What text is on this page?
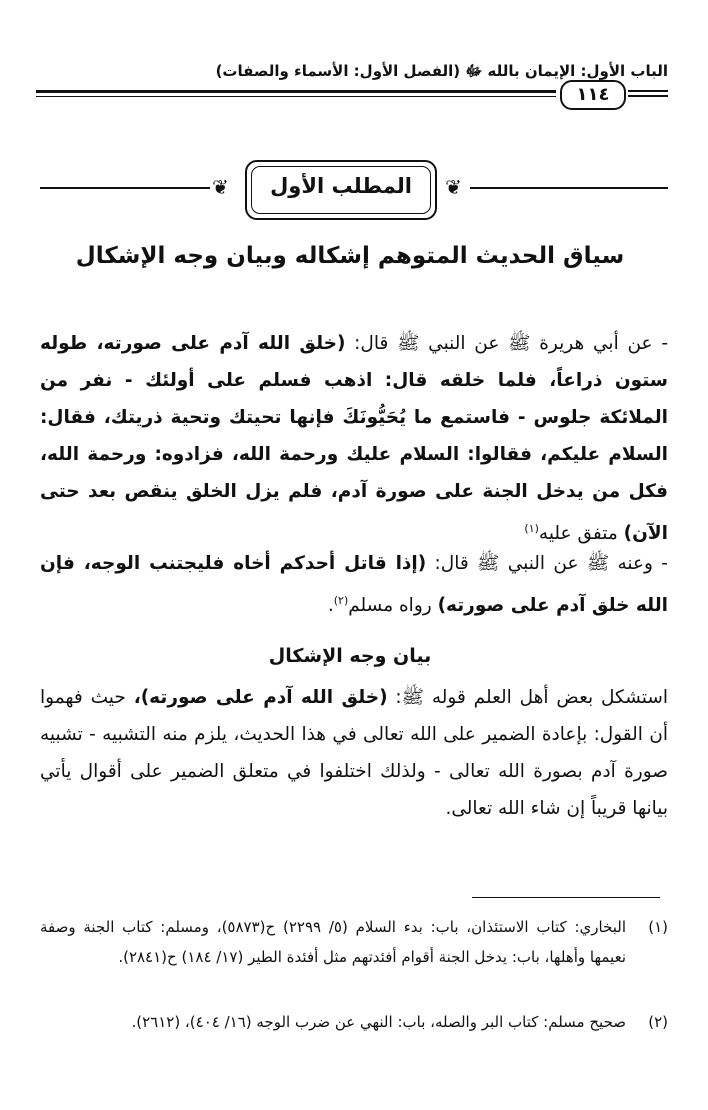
الباب الأول: الإيمان بالله ﷻ (الفصل الأول: الأسماء والصفات)
١١٤
❦	❦
المطلب الأول
سياق الحديث المتوهم إشكاله وبيان وجه الإشكال
- عن أبي هريرة ﷺ عن النبي ﷺ قال: (خلق الله آدم على صورته، طوله ستون ذراعاً، فلما خلقه قال: اذهب فسلم على أولئك - نفر من الملائكة جلوس - فاستمع ما يُحَيُّونَكَ فإنها تحيتك وتحية ذريتك، فقال: السلام عليكم، فقالوا: السلام عليك ورحمة الله، فزادوه: ورحمة الله، فكل من يدخل الجنة على صورة آدم، فلم يزل الخلق ينقص بعد حتى الآن) متفق عليه$^{(١)}$
- وعنه ﷺ عن النبي ﷺ قال: (إذا قاتل أحدكم أخاه فليجتنب الوجه، فإن الله خلق آدم على صورته) رواه مسلم$^{(٢)}$.
بيان وجه الإشكال
استشكل بعض أهل العلم قوله ﷺ: (خلق الله آدم على صورته)، حيث فهموا أن القول: بإعادة الضمير على الله تعالى في هذا الحديث، يلزم منه التشبيه - تشبيه صورة آدم بصورة الله تعالى - ولذلك اختلفوا في متعلق الضمير على أقوال يأتي بيانها قريباً إن شاء الله تعالى.
(١)
البخاري: كتاب الاستئذان، باب: بدء السلام (٥/ ٢٢٩٩) ح(٥٨٧٣)، ومسلم: كتاب الجنة وصفة نعيمها وأهلها، باب: يدخل الجنة أقوام أفئدتهم مثل أفئدة الطير (١٧/ ١٨٤) ح(٢٨٤١).
(٢)
صحيح مسلم: كتاب البر والصله، باب: النهي عن ضرب الوجه (١٦/ ٤٠٤)، (٢٦١٢).
